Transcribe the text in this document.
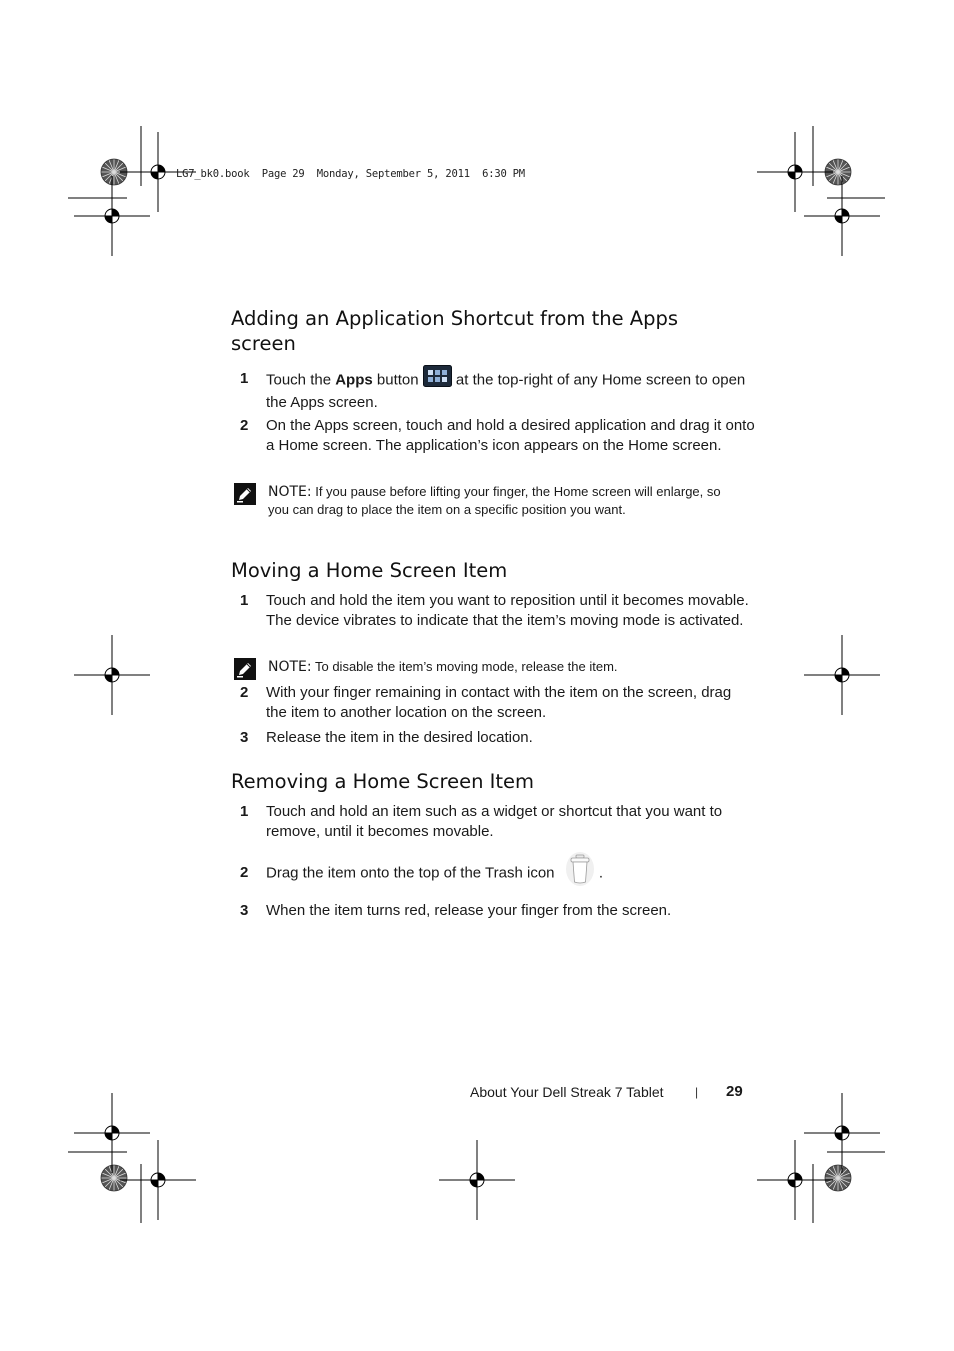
LG7_bk0.book  Page 29  Monday, September 5, 2011  6:30 PM
Adding an Application Shortcut from the Apps screen
1 Touch the Apps button  at the top-right of any Home screen to open the Apps screen.
2 On the Apps screen, touch and hold a desired application and drag it onto a Home screen. The application’s icon appears on the Home screen.
NOTE: If you pause before lifting your finger, the Home screen will enlarge, so you can drag to place the item on a specific position you want.
Moving a Home Screen Item
1 Touch and hold the item you want to reposition until it becomes movable. The device vibrates to indicate that the item’s moving mode is activated.
NOTE: To disable the item’s moving mode, release the item.
2 With your finger remaining in contact with the item on the screen, drag the item to another location on the screen.
3 Release the item in the desired location.
Removing a Home Screen Item
1 Touch and hold an item such as a widget or shortcut that you want to remove, until it becomes movable.
2 Drag the item onto the top of the Trash icon  .
3 When the item turns red, release your finger from the screen.
About Your Dell Streak 7 Tablet	| 29
